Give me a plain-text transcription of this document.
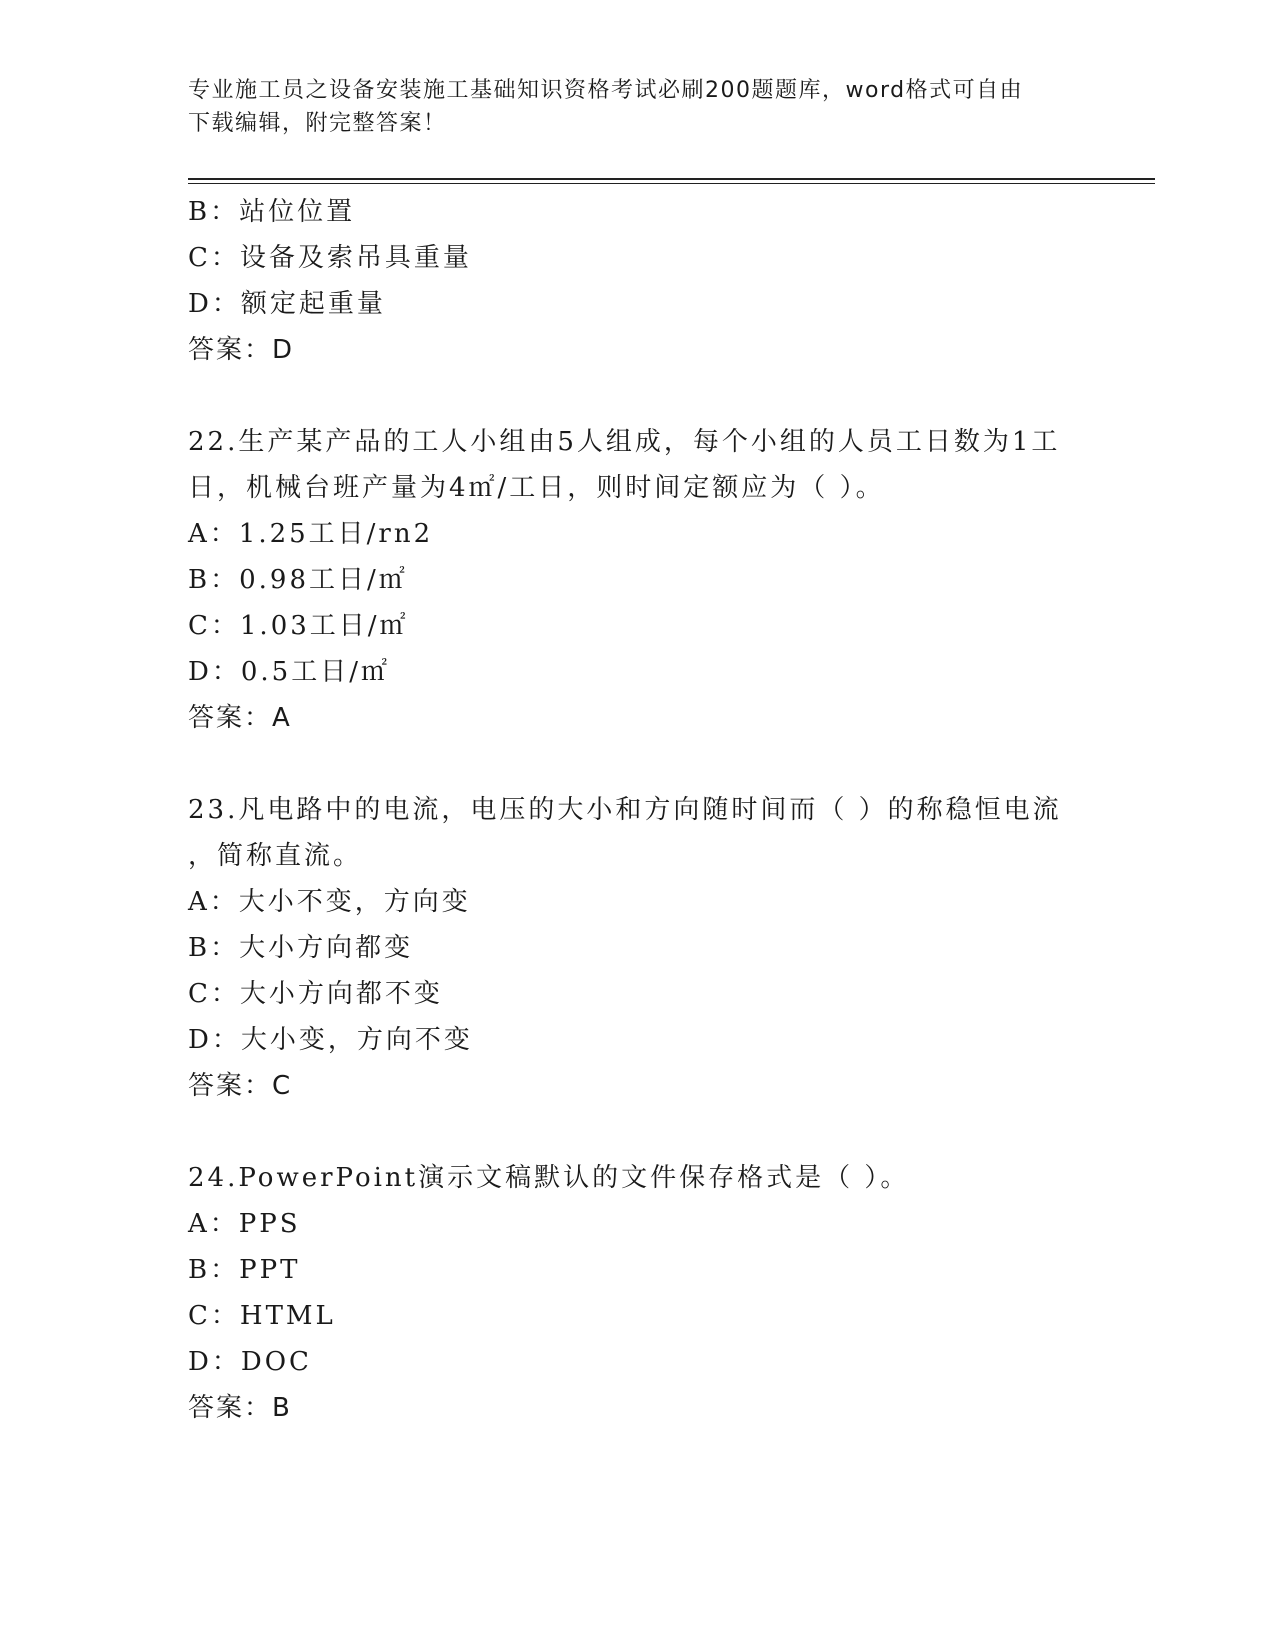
专业施工员之设备安装施工基础知识资格考试必刷200题题库，word格式可自由
下载编辑，附完整答案！
B：站位位置
C：设备及索吊具重量
D：额定起重量
答案：D
22.生产某产品的工人小组由5人组成，每个小组的人员工日数为1工
日，机械台班产量为4㎡/工日，则时间定额应为（ ）。
A：1.25工日/rn2
B：0.98工日/㎡
C：1.03工日/㎡
D：0.5工日/㎡
答案：A
23.凡电路中的电流，电压的大小和方向随时间而（ ）的称稳恒电流
，简称直流。
A：大小不变，方向变
B：大小方向都变
C：大小方向都不变
D：大小变，方向不变
答案：C
24.PowerPoint演示文稿默认的文件保存格式是（ ）。
A：PPS
B：PPT
C：HTML
D：DOC
答案：B
